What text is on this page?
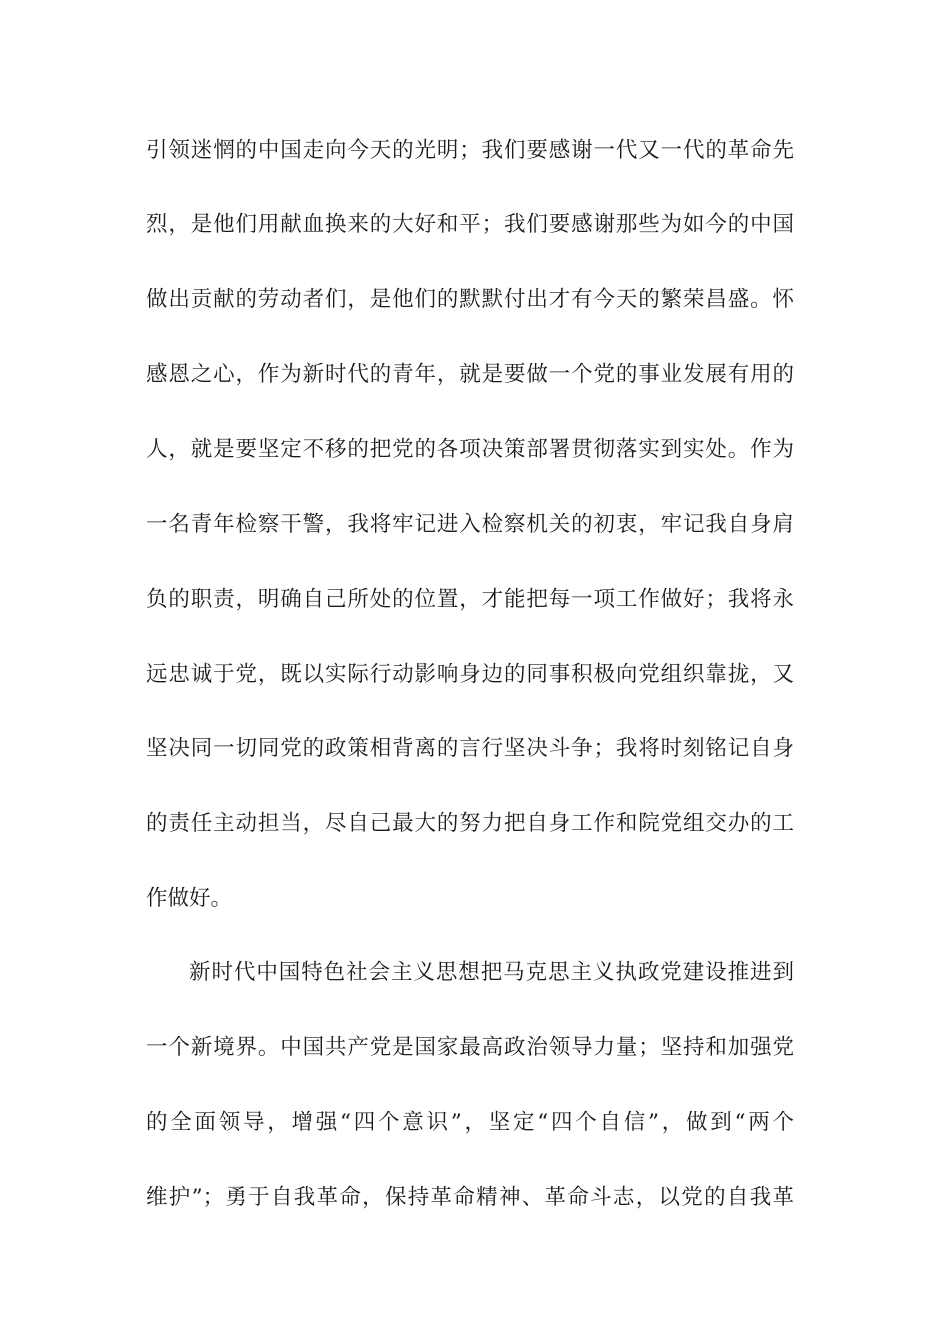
引领迷惘的中国走向今天的光明；我们要感谢一代又一代的革命先
烈，是他们用献血换来的大好和平；我们要感谢那些为如今的中国
做出贡献的劳动者们，是他们的默默付出才有今天的繁荣昌盛。怀
感恩之心，作为新时代的青年，就是要做一个党的事业发展有用的
人，就是要坚定不移的把党的各项决策部署贯彻落实到实处。作为
一名青年检察干警，我将牢记进入检察机关的初衷，牢记我自身肩
负的职责，明确自己所处的位置，才能把每一项工作做好；我将永
远忠诚于党，既以实际行动影响身边的同事积极向党组织靠拢，又
坚决同一切同党的政策相背离的言行坚决斗争；我将时刻铭记自身
的责任主动担当，尽自己最大的努力把自身工作和院党组交办的工
作做好。
新时代中国特色社会主义思想把马克思主义执政党建设推进到
一个新境界。中国共产党是国家最高政治领导力量；坚持和加强党
的全面领导，增强“四个意识”，坚定“四个自信”，做到“两个
维护”；勇于自我革命，保持革命精神、革命斗志，以党的自我革
